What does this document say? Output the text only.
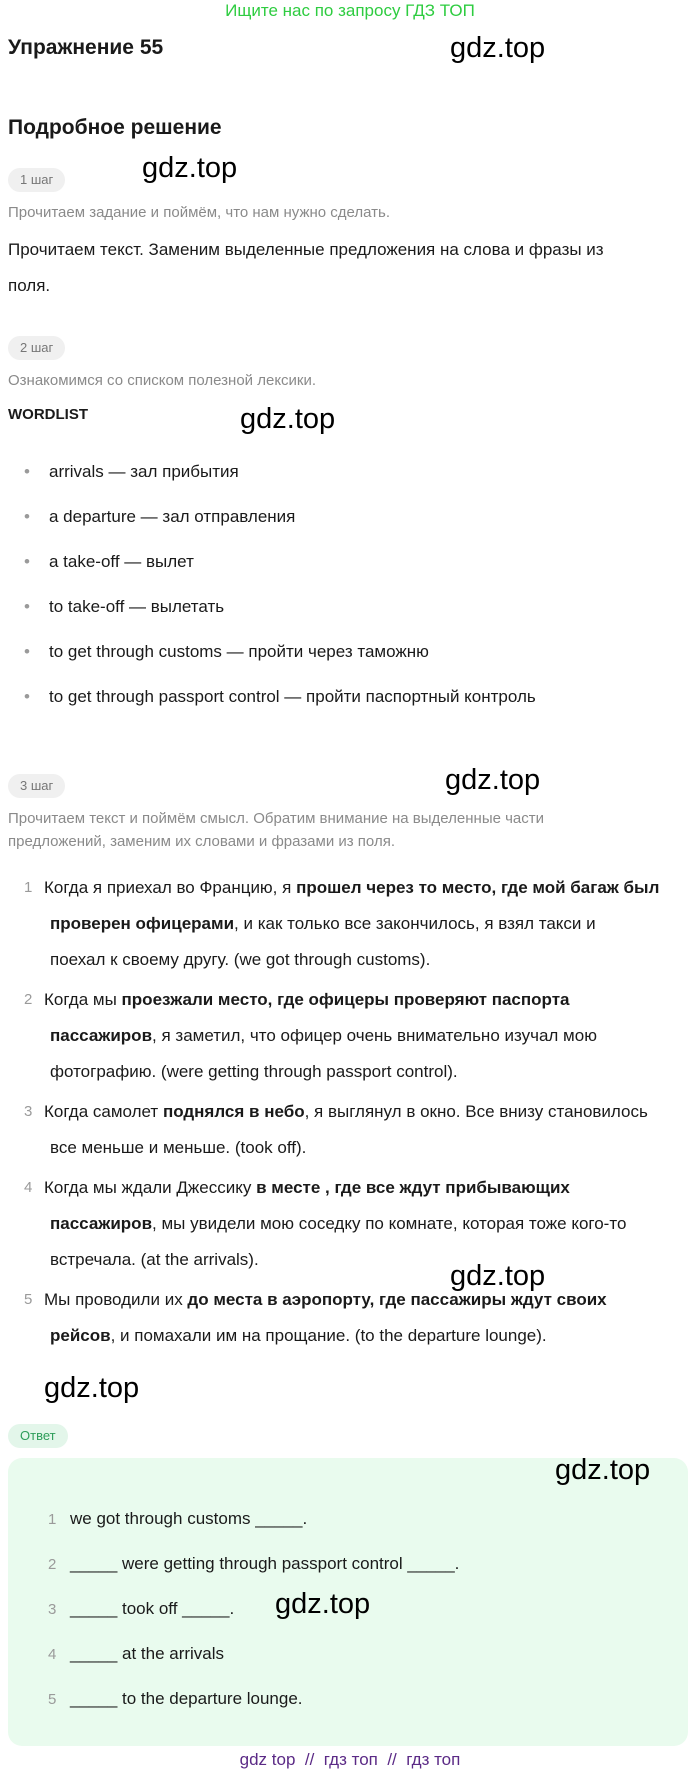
Ищите нас по запросу ГДЗ ТОП
Упражнение 55	gdz.top
Подробное решение
1 шаг	gdz.top
Прочитаем задание и поймём, что нам нужно сделать.
Прочитаем текст. Заменим выделенные предложения на слова и фразы из
поля.
2 шаг
Ознакомимся со списком полезной лексики.
WORDLIST	gdz.top
• arrivals — зал прибытия
• a departure — зал отправления
• a take-off — вылет
• to take-off — вылетать
• to get through customs — пройти через таможню
• to get through passport control — пройти паспортный контроль
3 шаг	gdz.top
Прочитаем текст и поймём смысл. Обратим внимание на выделенные части
предложений, заменим их словами и фразами из поля.
1 Когда я приехал во Францию, я прошел через то место, где мой багаж был
проверен офицерами, и как только все закончилось, я взял такси и
поехал к своему другу. (we got through customs).
2 Когда мы проезжали место, где офицеры проверяют паспорта
пассажиров, я заметил, что офицер очень внимательно изучал мою
фотографию. (were getting through passport control).
3 Когда самолет поднялся в небо, я выглянул в окно. Все внизу становилось
все меньше и меньше. (took off).
4 Когда мы ждали Джессику в месте , где все ждут прибывающих
пассажиров, мы увидели мою соседку по комнате, которая тоже кого-то
встречала. (at the arrivals).
gdz.top
5 Мы проводили их до места в аэропорту, где пассажиры ждут своих
рейсов, и помахали им на прощание. (to the departure lounge).
gdz.top
Ответ
gdz.top
1 we got through customs _____.
2 _____ were getting through passport control _____.
3 _____ took off _____. gdz.top
4 _____ at the arrivals
5 _____ to the departure lounge.
gdz top  //  гдз топ  //  гдз топ
